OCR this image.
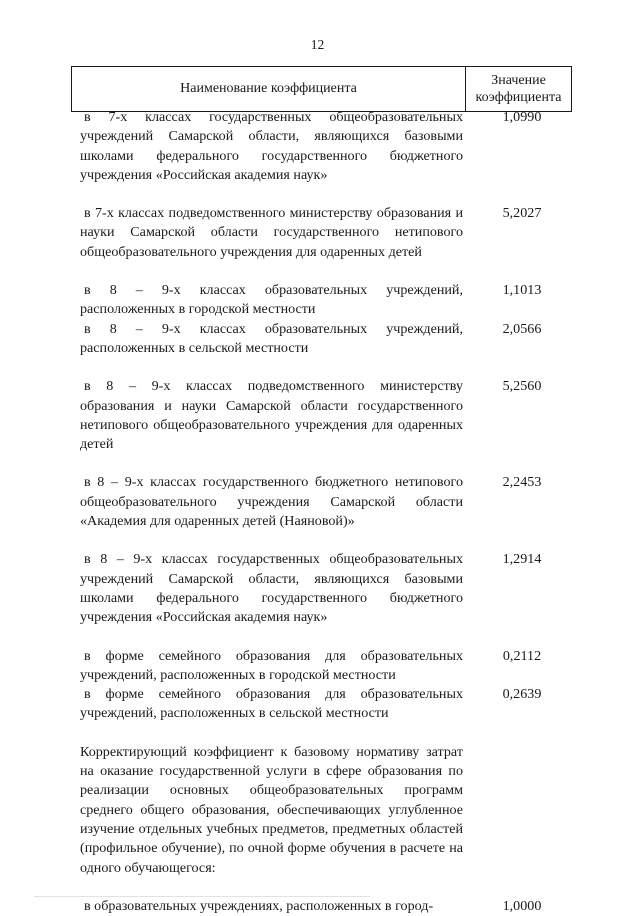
12
Наименование коэффициента
Значение коэффициента
в 7-х классах государственных общеобразовательных учреждений Самарской области, являющихся базовыми школами федерального государственного бюджетного учреждения «Российская академия наук»
1,0990
в 7-х классах подведомственного министерству образования и науки Самарской области государственного нетипового общеобразовательного учреждения для одаренных детей
5,2027
в 8 – 9-х классах образовательных учреждений, расположенных в городской местности
1,1013
в 8 – 9-х классах образовательных учреждений, расположенных в сельской местности
2,0566
в 8 – 9-х классах подведомственного министерству образования и науки Самарской области государственного нетипового общеобразовательного учреждения для одаренных детей
5,2560
в 8 – 9-х классах государственного бюджетного нетипового общеобразовательного учреждения Самарской области «Академия для одаренных детей (Наяновой)»
2,2453
в 8 – 9-х классах государственных общеобразовательных учреждений Самарской области, являющихся базовыми школами федерального государственного бюджетного учреждения «Российская академия наук»
1,2914
в форме семейного образования для образовательных учреждений, расположенных в городской местности
0,2112
в форме семейного образования для образовательных учреждений, расположенных в сельской местности
0,2639
Корректирующий коэффициент к базовому нормативу затрат на оказание государственной услуги в сфере образования по реализации основных общеобразовательных программ среднего общего образования, обеспечивающих углубленное изучение отдельных учебных предметов, предметных областей (профильное обучение), по очной форме обучения в расчете на одного обучающегося:
в образовательных учреждениях, расположенных в город-	1,0000
